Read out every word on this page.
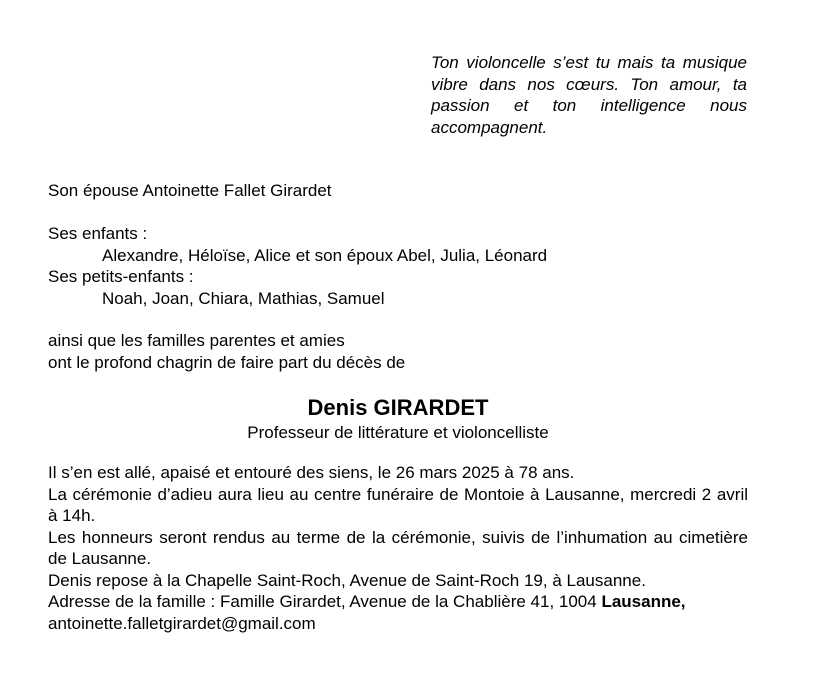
Ton violoncelle s’est tu mais ta musique vibre dans nos cœurs. Ton amour, ta passion et ton intelligence nous accompagnent.
Son épouse Antoinette Fallet Girardet
Ses enfants :
Alexandre, Héloïse, Alice et son époux Abel, Julia, Léonard
Ses petits-enfants :
Noah, Joan, Chiara, Mathias, Samuel
ainsi que les familles parentes et amies
ont le profond chagrin de faire part du décès de
Denis GIRARDET
Professeur de littérature et violoncelliste

Il s’en est allé, apaisé et entouré des siens, le 26 mars 2025 à 78 ans.

La cérémonie d’adieu aura lieu au centre funéraire de Montoie à Lausanne, mercredi 2 avril à 14h.

Les honneurs seront rendus au terme de la cérémonie, suivis de l’inhumation au cimetière de Lausanne.

Denis repose à la Chapelle Saint-Roch, Avenue de Saint-Roch 19, à Lausanne.

Adresse de la famille : Famille Girardet, Avenue de la Chablière 41, 1004 Lausanne,

antoinette.falletgirardet@gmail.com
